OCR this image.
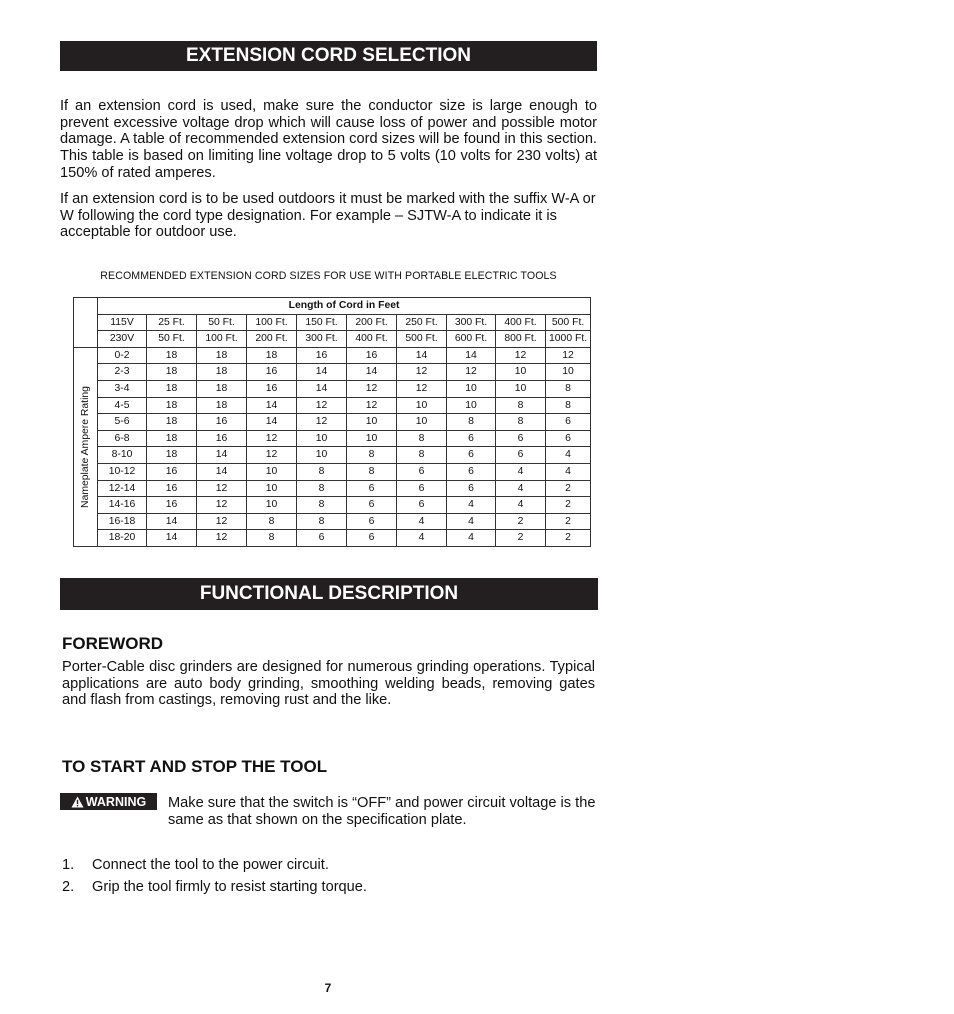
EXTENSION CORD SELECTION
If an extension cord is used, make sure the conductor size is large enough to prevent excessive voltage drop which will cause loss of power and possible motor damage. A table of recommended extension cord sizes will be found in this section. This table is based on limiting line voltage drop to 5 volts (10 volts for 230 volts) at 150% of rated amperes.
If an extension cord is to be used outdoors it must be marked with the suffix W-A or W following the cord type designation. For example – SJTW-A to indicate it is acceptable for outdoor use.
RECOMMENDED EXTENSION CORD SIZES FOR USE WITH PORTABLE ELECTRIC TOOLS
	Length of Cord in Feet									
	115V	25 Ft.	50 Ft.	100 Ft.	150 Ft.	200 Ft.	250 Ft.	300 Ft.	400 Ft.	500 Ft.
	230V	50 Ft.	100 Ft.	200 Ft.	300 Ft.	400 Ft.	500 Ft.	600 Ft.	800 Ft.	1000 Ft.

Nameplate Ampere Rating	0-2	18	18	18	16	16	14	14	12	12
	2-3	18	18	16	14	14	12	12	10	10
	3-4	18	18	16	14	12	12	10	10	8
	4-5	18	18	14	12	12	10	10	8	8
	5-6	18	16	14	12	10	10	8	8	6
	6-8	18	16	12	10	10	8	6	6	6
	8-10	18	14	12	10	8	8	6	6	4
	10-12	16	14	10	8	8	6	6	4	4
	12-14	16	12	10	8	6	6	6	4	2
	14-16	16	12	10	8	6	6	4	4	2
	16-18	14	12	8	8	6	4	4	2	2
	18-20	14	12	8	6	6	4	4	2	2
FUNCTIONAL DESCRIPTION
FOREWORD
Porter-Cable disc grinders are designed for numerous grinding operations. Typical applications are auto body grinding, smoothing welding beads, removing gates and flash from castings, removing rust and the like.
TO START AND STOP THE TOOL
WARNING Make sure that the switch is “OFF” and power circuit voltage is the same as that shown on the specification plate.
1. Connect the tool to the power circuit.
2. Grip the tool firmly to resist starting torque.
7
